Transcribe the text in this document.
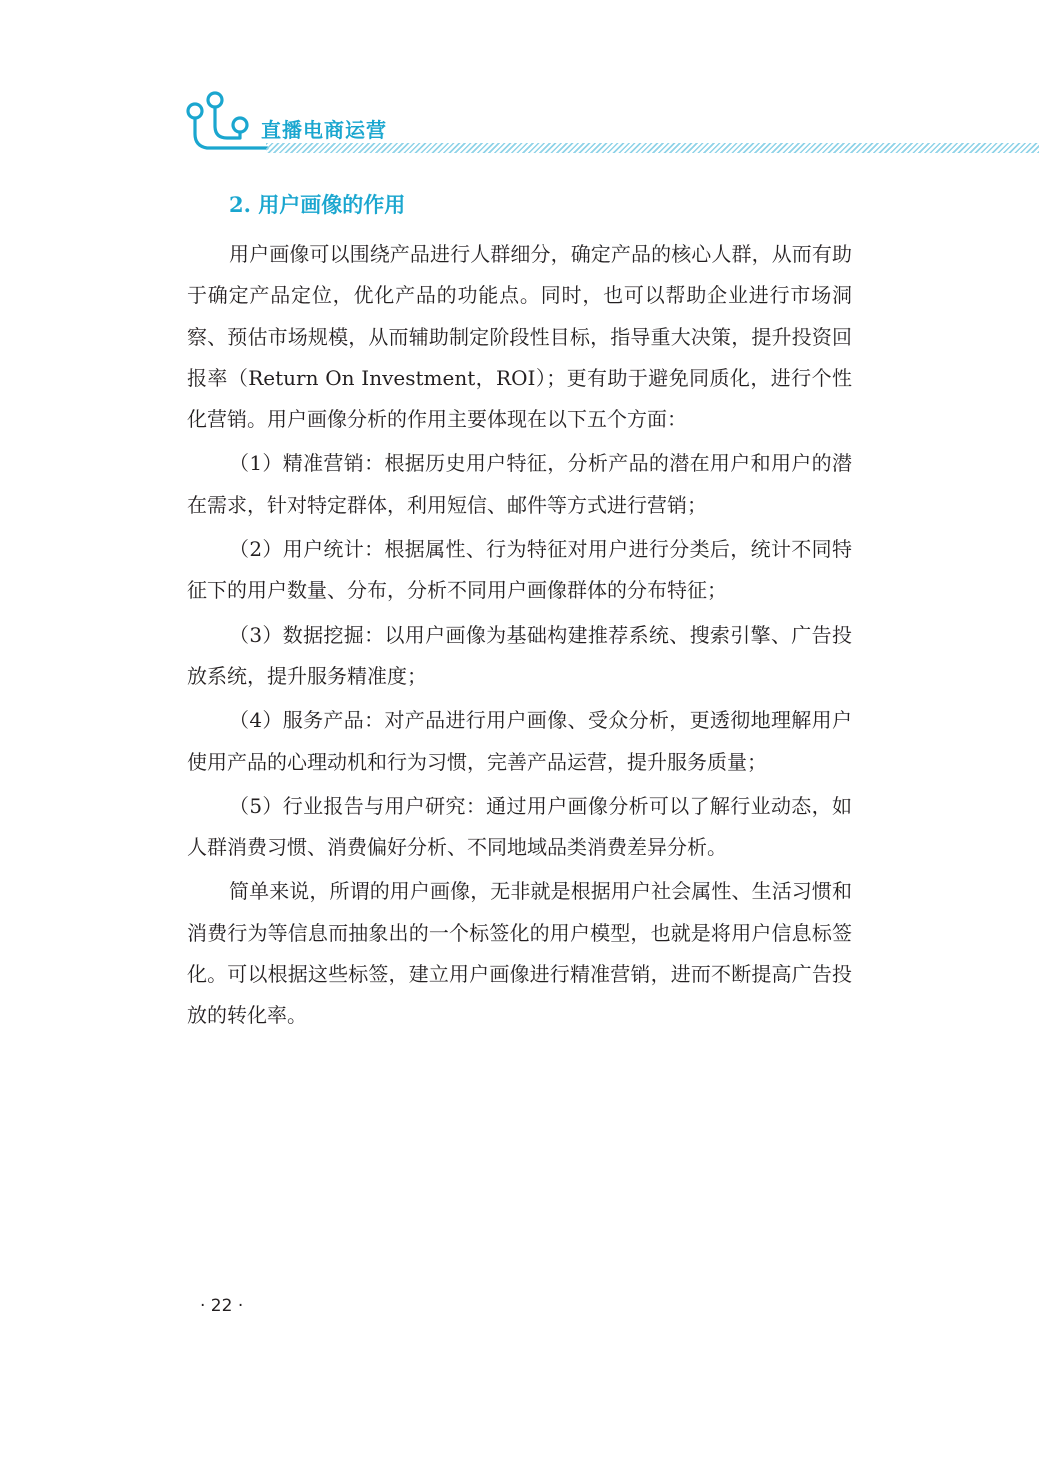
直播电商运营
2. 用户画像的作用

用户画像可以围绕产品进行人群细分，确定产品的核心人群，从而有助于确定产品定位，优化产品的功能点。同时，也可以帮助企业进行市场洞察、预估市场规模，从而辅助制定阶段性目标，指导重大决策，提升投资回报率（Return On Investment，ROI）；更有助于避免同质化，进行个性化营销。用户画像分析的作用主要体现在以下五个方面：

（1）精准营销：根据历史用户特征，分析产品的潜在用户和用户的潜在需求，针对特定群体，利用短信、邮件等方式进行营销；

（2）用户统计：根据属性、行为特征对用户进行分类后，统计不同特征下的用户数量、分布，分析不同用户画像群体的分布特征；

（3）数据挖掘：以用户画像为基础构建推荐系统、搜索引擎、广告投放系统，提升服务精准度；

（4）服务产品：对产品进行用户画像、受众分析，更透彻地理解用户使用产品的心理动机和行为习惯，完善产品运营，提升服务质量；

（5）行业报告与用户研究：通过用户画像分析可以了解行业动态，如人群消费习惯、消费偏好分析、不同地域品类消费差异分析。

简单来说，所谓的用户画像，无非就是根据用户社会属性、生活习惯和消费行为等信息而抽象出的一个标签化的用户模型，也就是将用户信息标签化。可以根据这些标签，建立用户画像进行精准营销，进而不断提高广告投放的转化率。

· 22 ·
